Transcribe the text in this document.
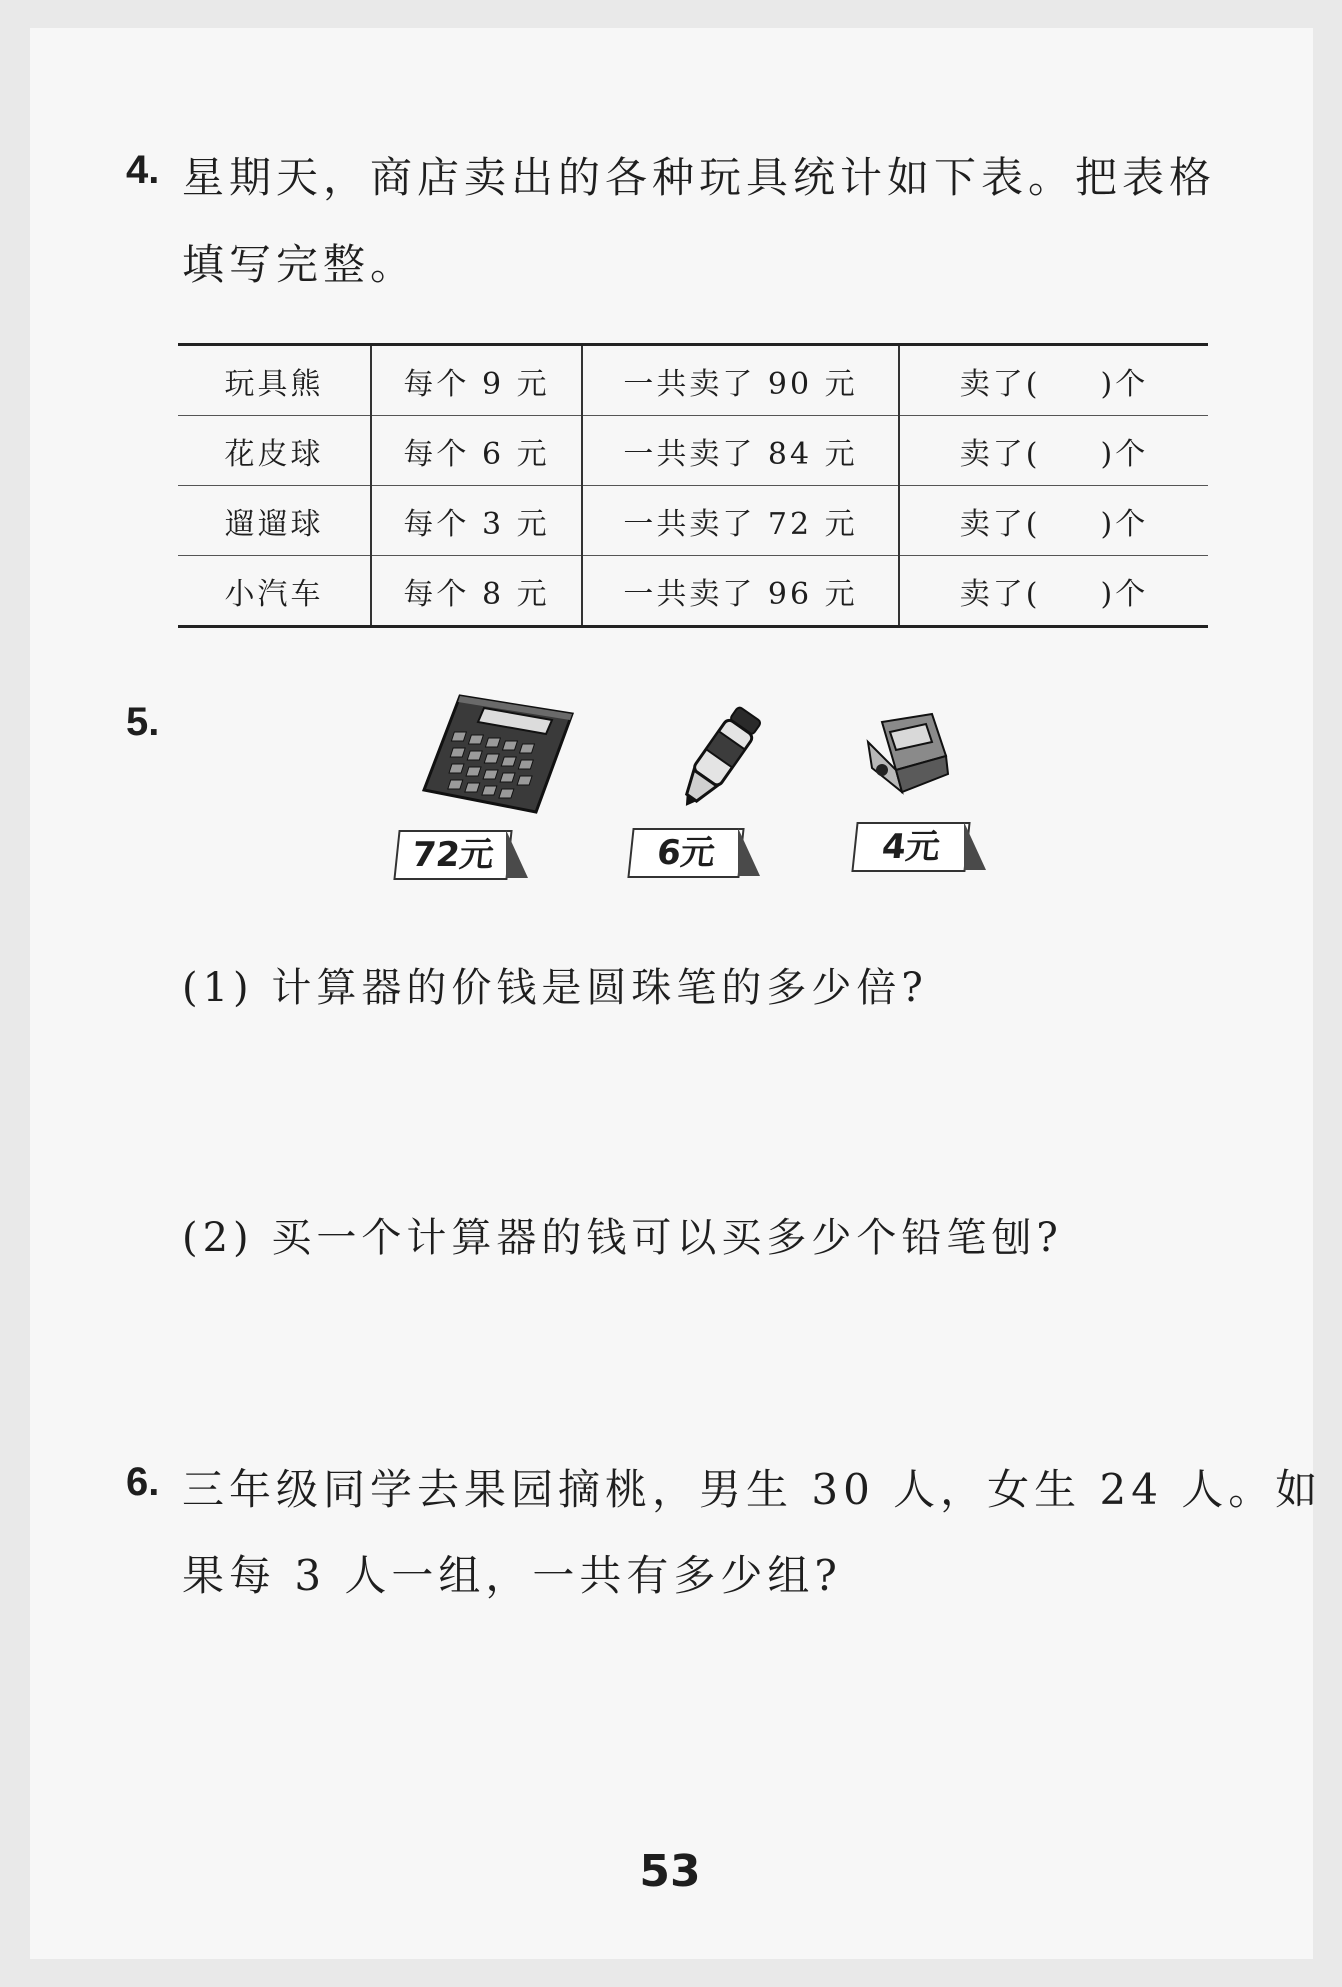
4. 星期天，商店卖出的各种玩具统计如下表。把表格
填写完整。
玩具熊	每个 9 元	一共卖了 90 元	卖了( )个
花皮球	每个 6 元	一共卖了 84 元	卖了( )个
遛遛球	每个 3 元	一共卖了 72 元	卖了( )个
小汽车	每个 8 元	一共卖了 96 元	卖了( )个
5.
72元	6元	4元
(1) 计算器的价钱是圆珠笔的多少倍?
(2) 买一个计算器的钱可以买多少个铅笔刨?
6. 三年级同学去果园摘桃，男生 30 人，女生 24 人。如
果每 3 人一组，一共有多少组?
53
